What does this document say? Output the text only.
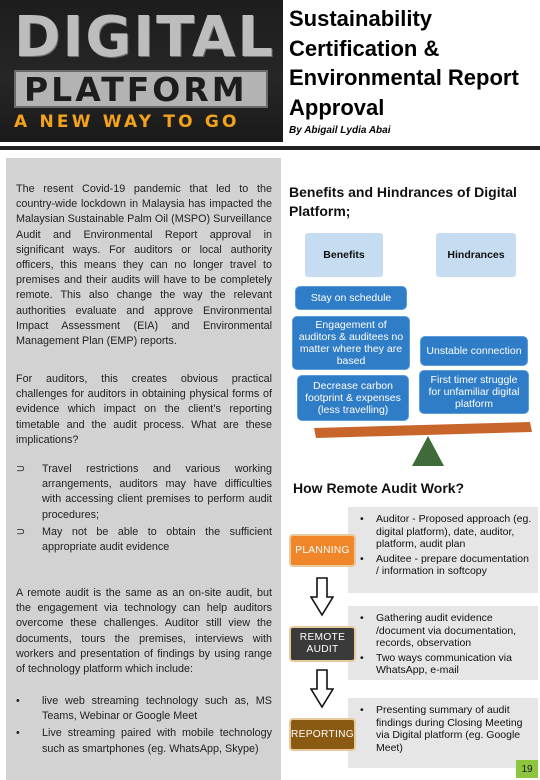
DIGITAL
PLATFORM
A NEW WAY TO GO
Sustainability Certification & Environmental Report Approval
By Abigail Lydia Abai
The resent Covid-19 pandemic that led to the country-wide lockdown in Malaysia has impacted the Malaysian Sustainable Palm Oil (MSPO) Surveillance Audit and Environmental Report approval in significant ways. For auditors or local authority officers, this means they can no longer travel to premises and their audits will have to be completely remote. This also change the way the relevant authorities evaluate and approve Environmental Impact Assessment (EIA) and Environmental Management Plan (EMP) reports.
For auditors, this creates obvious practical challenges for auditors in obtaining physical forms of evidence which impact on the client’s reporting timetable and the audit process. What are these implications?
⊃	Travel restrictions and various working arrangements, auditors may have difficulties with accessing client premises to perform audit procedures;
⊃	May not be able to obtain the sufficient appropriate audit evidence
A remote audit is the same as an on-site audit, but the engagement via technology can help auditors overcome these challenges. Auditor still view the documents, tours the premises, interviews with workers and presentation of findings by using range of technology platform which include:
•	live web streaming technology such as, MS Teams, Webinar or Google Meet
•	Live streaming paired with mobile technology such as smartphones (eg. WhatsApp, Skype)
Benefits and Hindrances of Digital Platform;
Benefits	Hindrances
Stay on schedule
Engagement of auditors & auditees no matter where they are based
Decrease carbon footprint & expenses (less travelling)
Unstable connection
First timer struggle for unfamiliar digital platform
How Remote Audit Work?
• Auditor - Proposed approach (eg. digital platform), date, auditor, platform, audit plan
• Auditee - prepare documentation / information in softcopy
PLANNING
• Gathering audit evidence /document via documentation, records, observation
• Two ways communication via WhatsApp, e-mail
REMOTE AUDIT
• Presenting summary of audit findings during Closing Meeting via Digital platform (eg. Google Meet)
REPORTING
19
